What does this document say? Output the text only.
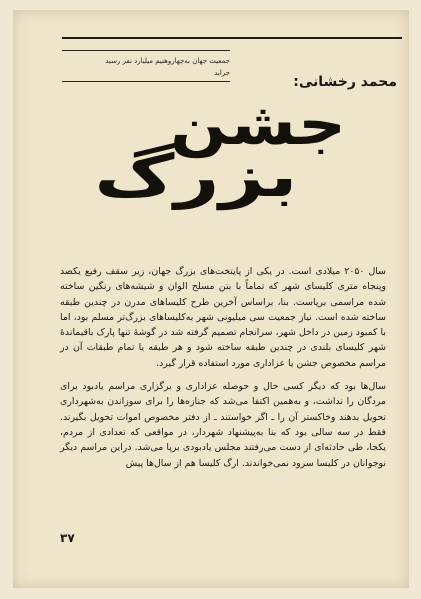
جمعیت جهان به‌چهاروهنیم میلیارد نفر رسید
جراید
محمد رخشانی:
جشن
بزرگ

سال ۲۰۵۰ میلادی است. در یکی از پایتخت‌های بزرگ جهان، زیر سقف رفیع یکصد وپنجاه متری کلیسای شهر که تماماً با بتن مسلح الوان و شیشه‌های رنگین ساخته شده مراسمی برپاست. بنا، براساس آخرین طرح کلیساهای مدرن در چندین طبقه ساخته شده است. نیاز جمعیت سی میلیونی شهر به‌کلیساهای بزرگ‌تر مسلم بود، اما با کمبود زمین در داخل شهر، سرانجام تصمیم گرفته شد در گوشهٔ تنها پارک باقیماندهٔ شهر کلیسای بلندی در چندین طبقه ساخته شود و هر طبقه یا تمام طبقات آن در مراسم مخصوص جشن یا عزاداری مورد استفاده قرار گیرد.

سال‌ها بود که دیگر کسی حال و حوصله عزاداری و برگزاری مراسم یادبود برای مردگان را نداشت، و به‌همین اکتفا می‌شد که جنازه‌ها را برای سوزاندن به‌شهرداری تحویل بدهند وخاکستر آن را ـ اگر خواستند ـ از دفتر مخصوص اموات تحویل بگیرند. فقط در سه سالی بود که بنا به‌پیشنهاد شهردار، در مواقعی که تعدادی از مردم، یکجا، طی حادثه‌ای از دست می‌رفتند مجلس یادبودی برپا می‌شد. دراین مراسم دیگر نوجوانان در کلیسا سرود نمی‌خواندند. ارگ کلیسا هم از سال‌ها پیش

۳۷
